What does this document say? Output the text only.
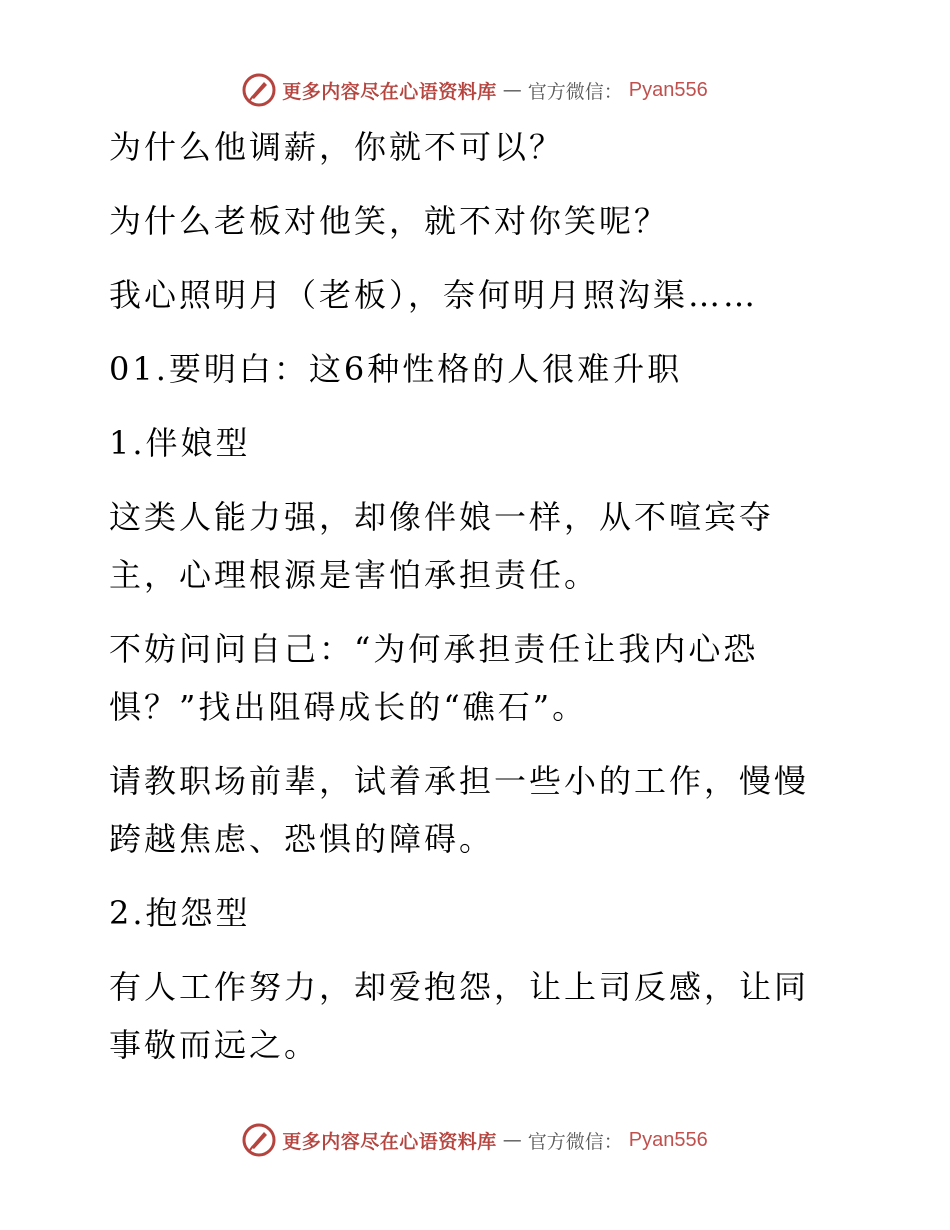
更多内容尽在心语资料库 — 官方微信： Pyan556

为什么他调薪，你就不可以？

为什么老板对他笑，就不对你笑呢？

我心照明月（老板），奈何明月照沟渠……

01.要明白：这6种性格的人很难升职

1.伴娘型

这类人能力强，却像伴娘一样，从不喧宾夺主，心理根源是害怕承担责任。

不妨问问自己：“为何承担责任让我内心恐惧？”找出阻碍成长的“礁石”。

请教职场前辈，试着承担一些小的工作，慢慢跨越焦虑、恐惧的障碍。

2.抱怨型

有人工作努力，却爱抱怨，让上司反感，让同事敬而远之。

更多内容尽在心语资料库 — 官方微信： Pyan556
